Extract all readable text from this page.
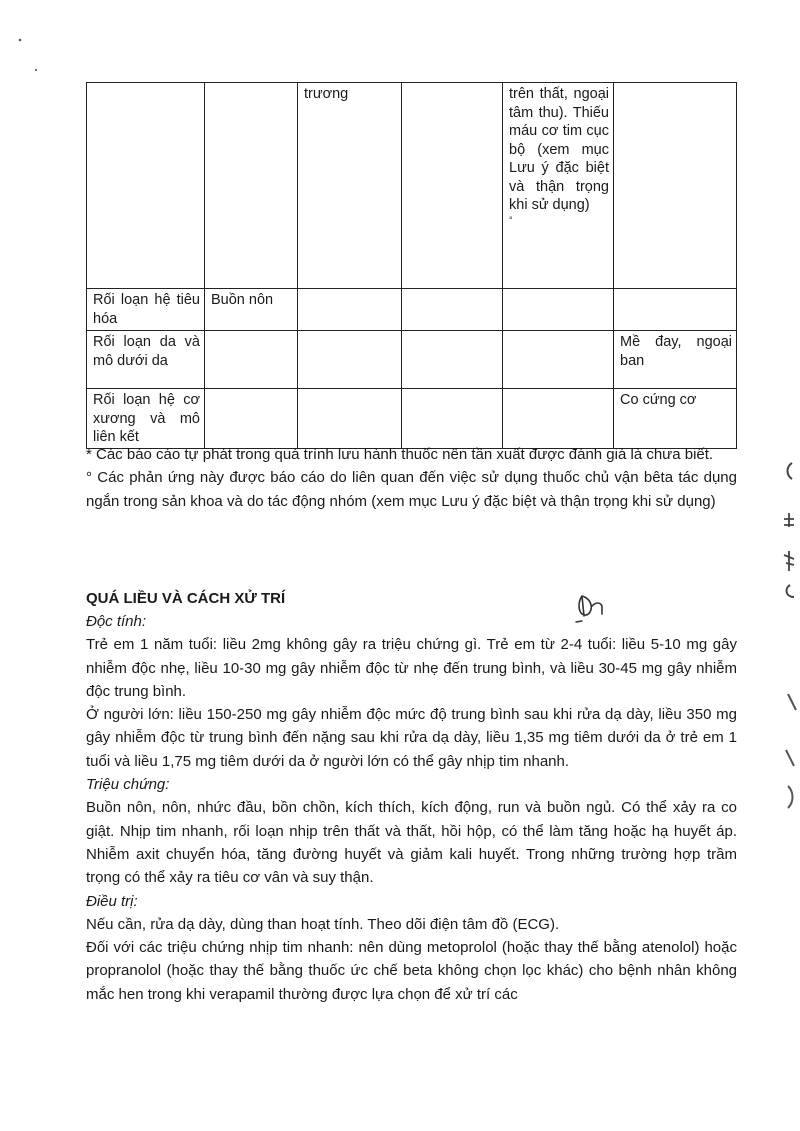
		trương		trên thất, ngoại tâm thu). Thiếu máu cơ tim cục bộ (xem mục Lưu ý đặc biệt và thận trọng khi sử dụng)
°	

Rối loạn hệ tiêu hóa	Buồn nôn				
Rối loạn da và mô dưới da					Mề đay, ngoại ban
Rối loạn hệ cơ xương và mô liên kết					Co cứng cơ

* Các báo cáo tự phát trong quá trình lưu hành thuốc nên tần xuất được đánh giá là chưa biết.

° Các phản ứng này được báo cáo do liên quan đến việc sử dụng thuốc chủ vận bêta tác dụng ngắn trong sản khoa và do tác động nhóm (xem mục Lưu ý đặc biệt và thận trọng khi sử dụng)

QUÁ LIỀU VÀ CÁCH XỬ TRÍ

Độc tính:

Trẻ em 1 năm tuổi: liều 2mg không gây ra triệu chứng gì. Trẻ em từ 2-4 tuổi: liều 5-10 mg gây nhiễm độc nhẹ, liều 10-30 mg gây nhiễm độc từ nhẹ đến trung bình, và liều 30-45 mg gây nhiễm độc trung bình.

Ở người lớn: liều 150-250 mg gây nhiễm độc mức độ trung bình sau khi rửa dạ dày, liều 350 mg gây nhiễm độc từ trung bình đến nặng sau khi rửa dạ dày, liều 1,35 mg tiêm dưới da ở trẻ em 1 tuổi và liều 1,75 mg tiêm dưới da ở người lớn có thể gây nhịp tim nhanh.

Triệu chứng:

Buồn nôn, nôn, nhức đầu, bồn chồn, kích thích, kích động, run và buồn ngủ. Có thể xảy ra co giật. Nhịp tim nhanh, rối loạn nhịp trên thất và thất, hồi hộp, có thể làm tăng hoặc hạ huyết áp. Nhiễm axit chuyển hóa, tăng đường huyết và giảm kali huyết. Trong những trường hợp trầm trọng có thể xảy ra tiêu cơ vân và suy thận.

Điều trị:

Nếu cần, rửa dạ dày, dùng than hoạt tính. Theo dõi điện tâm đồ (ECG).

Đối với các triệu chứng nhịp tim nhanh: nên dùng metoprolol (hoặc thay thế bằng atenolol) hoặc propranolol (hoặc thay thế bằng thuốc ức chế beta không chọn lọc khác) cho bệnh nhân không mắc hen trong khi verapamil thường được lựa chọn để xử trí các
